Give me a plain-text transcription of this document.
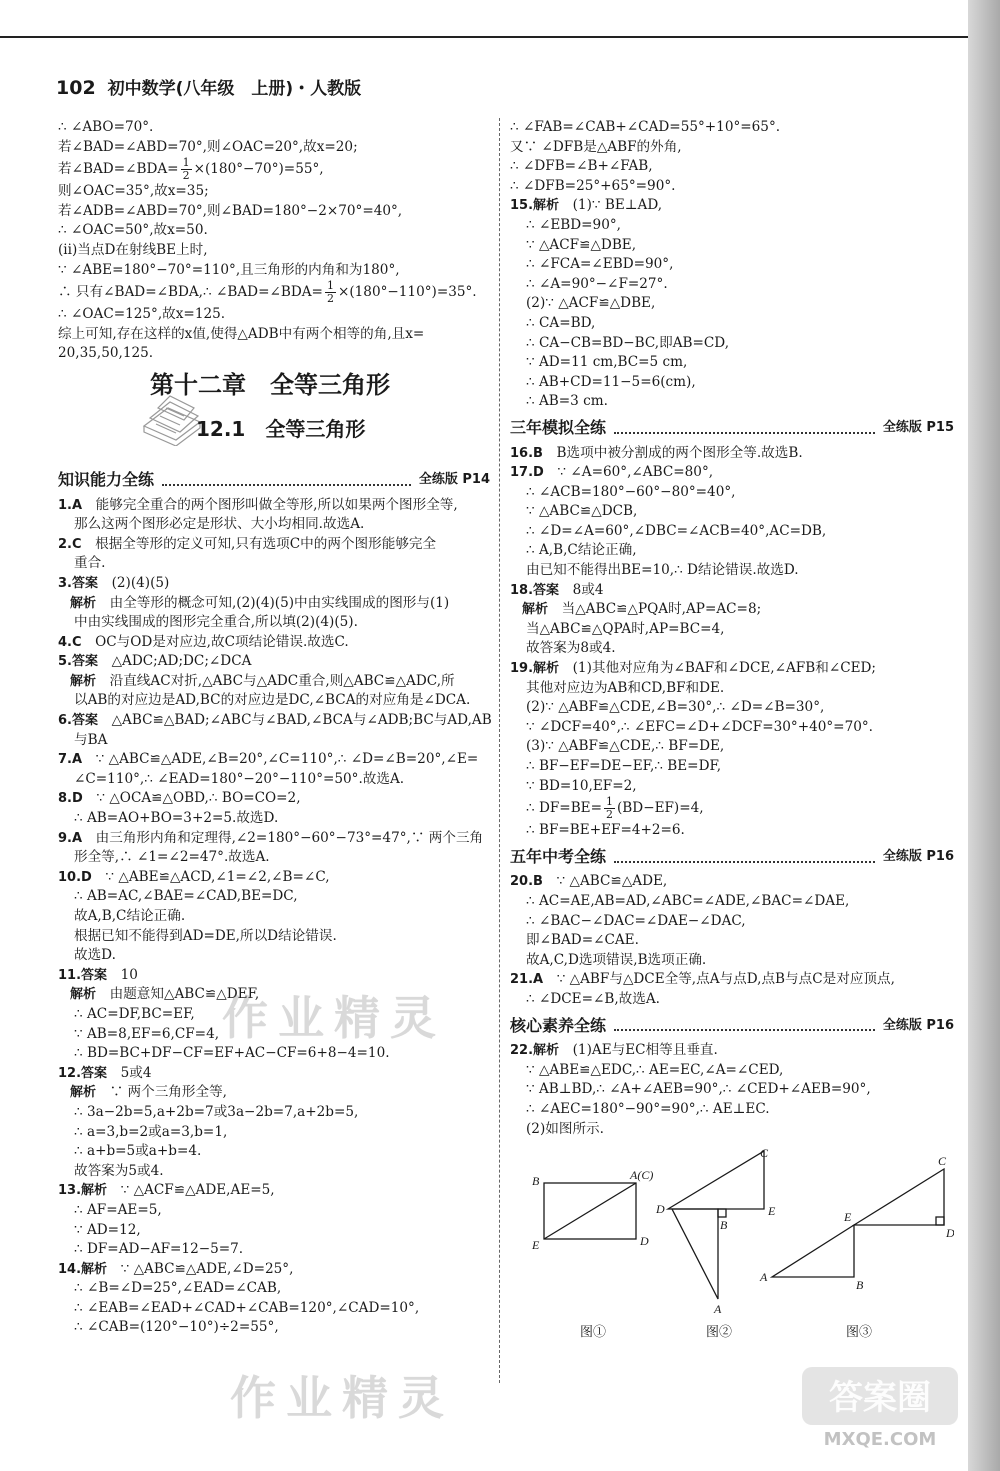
102 初中数学(八年级　上册)・人教版
∴ ∠ABO=70°.
若∠BAD=∠ABD=70°,则∠OAC=20°,故x=20;
若∠BAD=∠BDA= $\frac{1}{2} \times(180^\circ-70^\circ)=55^\circ$,
则∠OAC=35°,故x=35;
若∠ADB=∠ABD=70°,则∠BAD=180°−2×70°=40°,
∴ ∠OAC=50°,故x=50.
(ii)当点D在射线BE上时,
∵ ∠ABE=180°−70°=110°,且三角形的内角和为180°,
∴ 只有∠BAD=∠BDA,∴ ∠BAD=∠BDA= $\frac{1}{2} \times(180^\circ-110^\circ)=35^\circ$.
∴ ∠OAC=125°,故x=125.
综上可知,存在这样的x值,使得△ADB中有两个相等的角,且x=
20,35,50,125.
第十二章　全等三角形
12.1　全等三角形
知识能力全练	全练版 P14
1.A  能够完全重合的两个图形叫做全等形,所以如果两个图形全等,
那么这两个图形必定是形状、大小均相同.故选A.
2.C  根据全等形的定义可知,只有选项C中的两个图形能够完全
重合.
3.答案  (2)(4)(5)
解析  由全等形的概念可知,(2)(4)(5)中由实线围成的图形与(1)
中由实线围成的图形完全重合,所以填(2)(4)(5).
4.C  OC与OD是对应边,故C项结论错误.故选C.
5.答案  △ADC;AD;DC;∠DCA
解析  沿直线AC对折,△ABC与△ADC重合,则△ABC≌△ADC,所
以AB的对应边是AD,BC的对应边是DC,∠BCA的对应角是∠DCA.
6.答案  △ABC≌△BAD;∠ABC与∠BAD,∠BCA与∠ADB;BC与AD,AB
与BA
7.A  ∵ △ABC≌△ADE,∠B=20°,∠C=110°,∴ ∠D=∠B=20°,∠E=
∠C=110°,∴ ∠EAD=180°−20°−110°=50°.故选A.
8.D  ∵ △OCA≌△OBD,∴ BO=CO=2,
∴ AB=AO+BO=3+2=5.故选D.
9.A  由三角形内角和定理得,∠2=180°−60°−73°=47°,∵ 两个三角
形全等,∴ ∠1=∠2=47°.故选A.
10.D  ∵ △ABE≌△ACD,∠1=∠2,∠B=∠C,
∴ AB=AC,∠BAE=∠CAD,BE=DC,
故A,B,C结论正确.
根据已知不能得到AD=DE,所以D结论错误.
故选D.
11.答案  10
解析  由题意知△ABC≌△DEF,
∴ AC=DF,BC=EF,
∵ AB=8,EF=6,CF=4,
∴ BD=BC+DF−CF=EF+AC−CF=6+8−4=10.
12.答案  5或4
解析  ∵ 两个三角形全等,
∴ 3a−2b=5,a+2b=7或3a−2b=7,a+2b=5,
∴ a=3,b=2或a=3,b=1,
∴ a+b=5或a+b=4.
故答案为5或4.
13.解析  ∵ △ACF≌△ADE,AE=5,
∴ AF=AE=5,
∵ AD=12,
∴ DF=AD−AF=12−5=7.
14.解析  ∵ △ABC≌△ADE,∠D=25°,
∴ ∠B=∠D=25°,∠EAD=∠CAB,
∴ ∠EAB=∠EAD+∠CAD+∠CAB=120°,∠CAD=10°,
∴ ∠CAB=(120°−10°)÷2=55°,
∴ ∠FAB=∠CAB+∠CAD=55°+10°=65°.
又∵ ∠DFB是△ABF的外角,
∴ ∠DFB=∠B+∠FAB,
∴ ∠DFB=25°+65°=90°.
15.解析  (1)∵ BE⊥AD,
∴ ∠EBD=90°,
∵ △ACF≌△DBE,
∴ ∠FCA=∠EBD=90°,
∴ ∠A=90°−∠F=27°.
(2)∵ △ACF≌△DBE,
∴ CA=BD,
∴ CA−CB=BD−BC,即AB=CD,
∵ AD=11 cm,BC=5 cm,
∴ AB+CD=11−5=6(cm),
∴ AB=3 cm.
三年模拟全练	全练版 P15
16.B  B选项中被分割成的两个图形全等.故选B.
17.D  ∵ ∠A=60°,∠ABC=80°,
∴ ∠ACB=180°−60°−80°=40°,
∵ △ABC≌△DCB,
∴ ∠D=∠A=60°,∠DBC=∠ACB=40°,AC=DB,
∴ A,B,C结论正确,
由已知不能得出BE=10,∴ D结论错误.故选D.
18.答案  8或4
解析  当△ABC≌△PQA时,AP=AC=8;
当△ABC≌△QPA时,AP=BC=4,
故答案为8或4.
19.解析  (1)其他对应角为∠BAF和∠DCE,∠AFB和∠CED;
其他对应边为AB和CD,BF和DE.
(2)∵ △ABF≌△CDE,∠B=30°,∴ ∠D=∠B=30°,
∵ ∠DCF=40°,∴ ∠EFC=∠D+∠DCF=30°+40°=70°.
(3)∵ △ABF≌△CDE,∴ BF=DE,
∴ BF−EF=DE−EF,∴ BE=DF,
∵ BD=10,EF=2,
∴ $DF=BE= \frac{1}{2} (BD-EF)=4$,
∴ BF=BE+EF=4+2=6.
五年中考全练	全练版 P16
20.B  ∵ △ABC≌△ADE,
∴ AC=AE,AB=AD,∠ABC=∠ADE,∠BAC=∠DAE,
∴ ∠BAC−∠DAC=∠DAE−∠DAC,
即∠BAD=∠CAE.
故A,C,D选项错误,B选项正确.
21.A  ∵ △ABF与△DCE全等,点A与点D,点B与点C是对应顶点,
∴ ∠DCE=∠B,故选A.
核心素养全练	全练版 P16
22.解析  (1)AE与EC相等且垂直.
∵ △ABE≌△EDC,∴ AE=EC,∠A=∠CED,
∵ AB⊥BD,∴ ∠A+∠AEB=90°,∴ ∠CED+∠AEB=90°,
∴ ∠AEC=180°−90°=90°,∴ AE⊥EC.
(2)如图所示.
B	A(C)
E	D
C
D	E
B
A
C
E
D
A
B
图①	图②	图③
作业精灵
作业精灵	答案圈
MXQE.COM
